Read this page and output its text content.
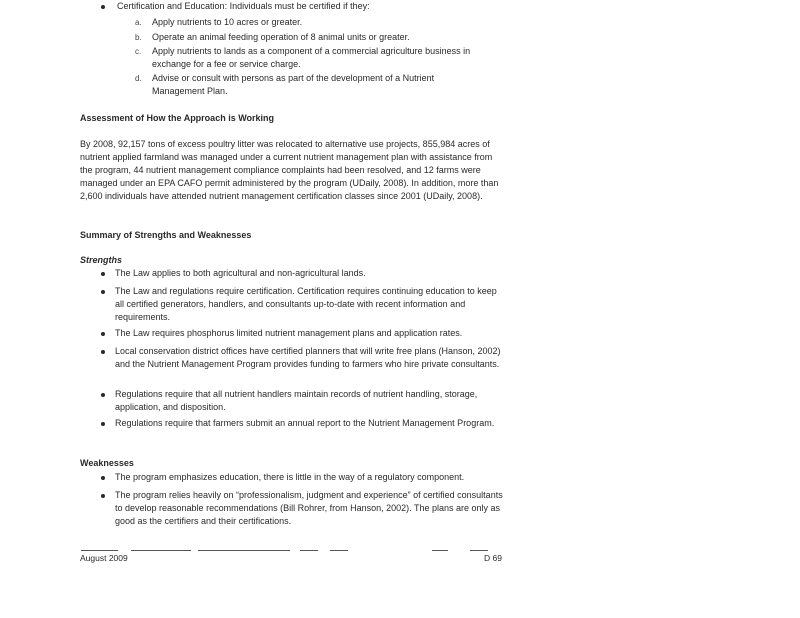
Certification and Education: Individuals must be certified if they:
a. Apply nutrients to 10 acres or greater.
b. Operate an animal feeding operation of 8 animal units or greater.
c. Apply nutrients to lands as a component of a commercial agriculture business in exchange for a fee or service charge.
d. Advise or consult with persons as part of the development of a Nutrient Management Plan.
Assessment of How the Approach is Working
By 2008, 92,157 tons of excess poultry litter was relocated to alternative use projects, 855,984 acres of nutrient applied farmland was managed under a current nutrient management plan with assistance from the program, 44 nutrient management compliance complaints had been resolved, and 12 farms were managed under an EPA CAFO permit administered by the program (UDaily, 2008). In addition, more than 2,600 individuals have attended nutrient management certification classes since 2001 (UDaily, 2008).
Summary of Strengths and Weaknesses
Strengths
The Law applies to both agricultural and non-agricultural lands.
The Law and regulations require certification. Certification requires continuing education to keep all certified generators, handlers, and consultants up-to-date with recent information and requirements.
The Law requires phosphorus limited nutrient management plans and application rates.
Local conservation district offices have certified planners that will write free plans (Hanson, 2002) and the Nutrient Management Program provides funding to farmers who hire private consultants.
Regulations require that all nutrient handlers maintain records of nutrient handling, storage, application, and disposition.
Regulations require that farmers submit an annual report to the Nutrient Management Program.
Weaknesses
The program emphasizes education, there is little in the way of a regulatory component.
The program relies heavily on “professionalism, judgment and experience” of certified consultants to develop reasonable recommendations (Bill Rohrer, from Hanson, 2002). The plans are only as good as the certifiers and their certifications.
August 2009	D 69
